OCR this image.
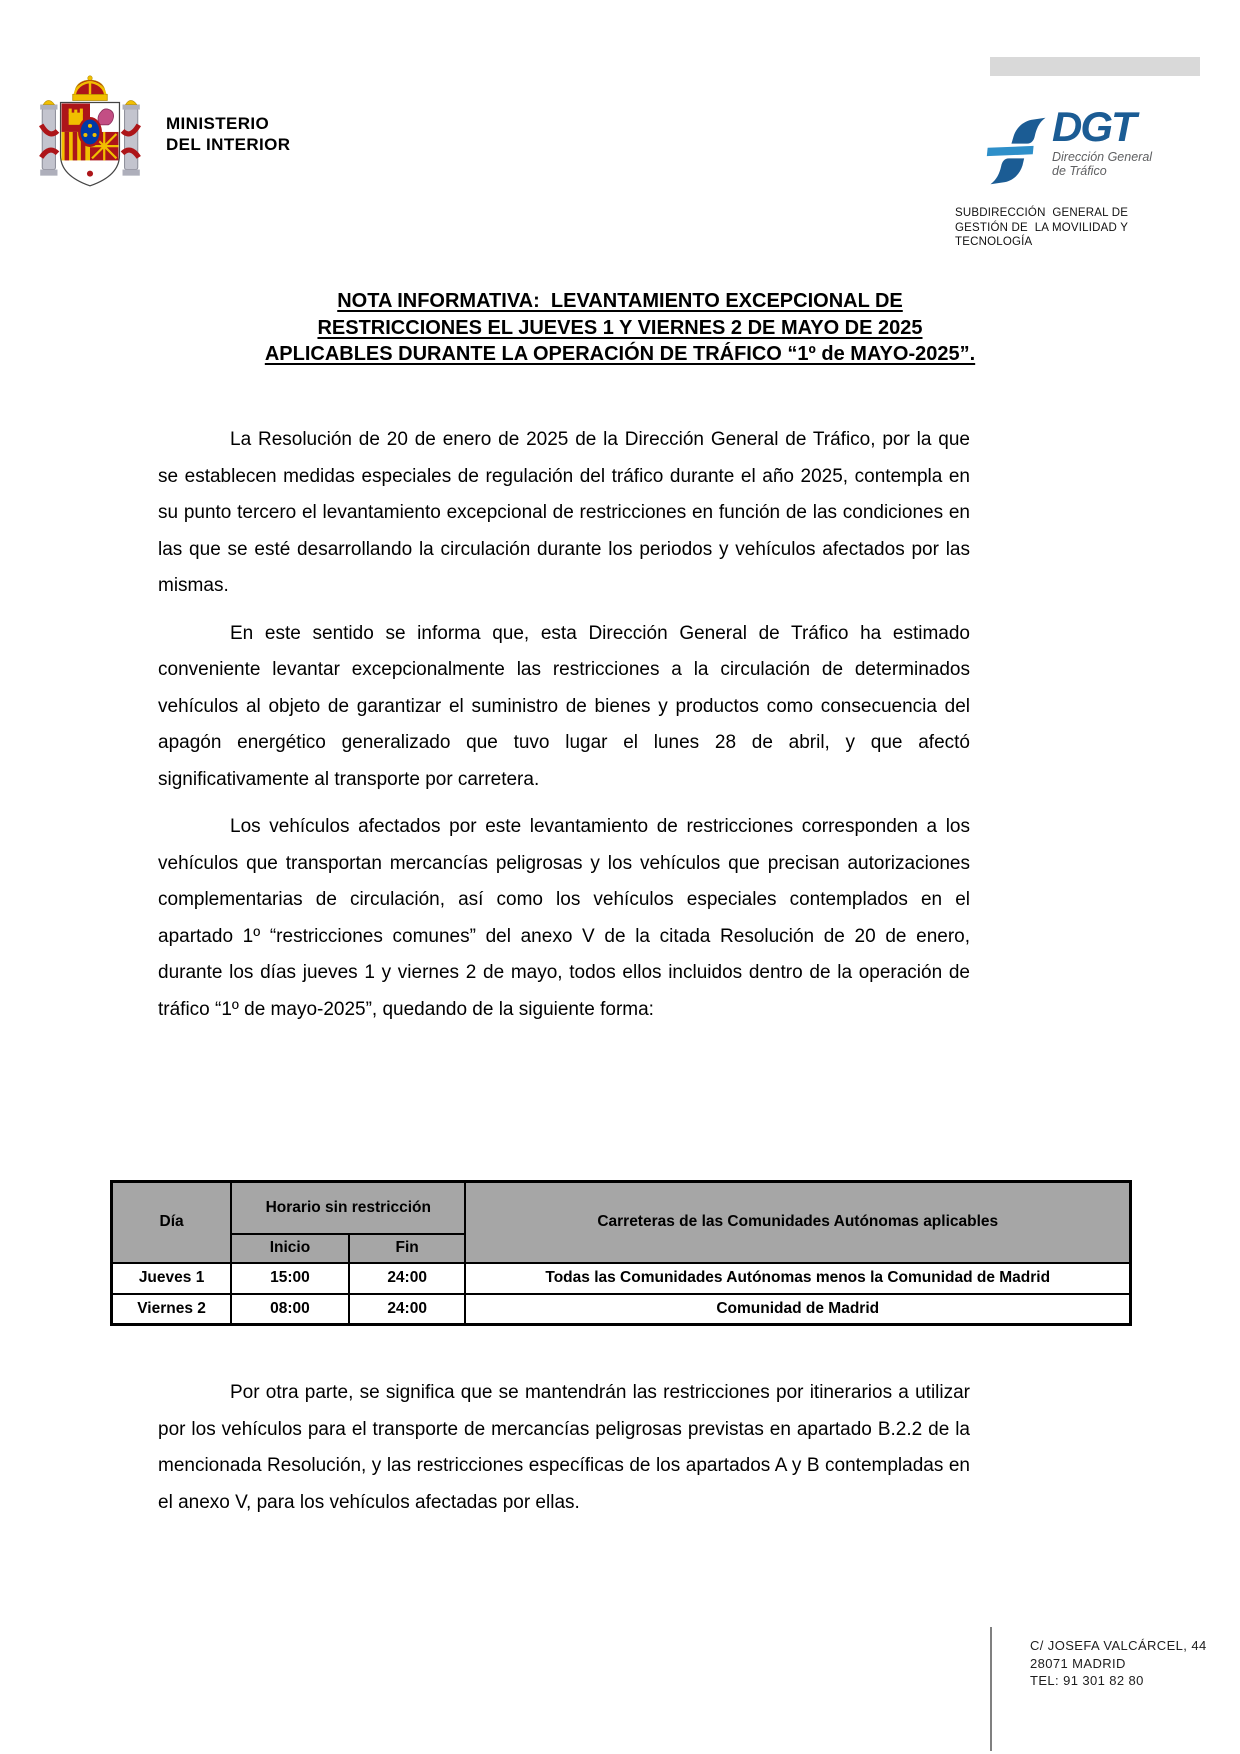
MINISTERIO
DEL INTERIOR	DGT
Dirección General
de Tráfico
SUBDIRECCIÓN  GENERAL DE
GESTIÓN DE  LA MOVILIDAD Y
TECNOLOGÍA
NOTA INFORMATIVA:  LEVANTAMIENTO EXCEPCIONAL DE
RESTRICCIONES EL JUEVES 1 Y VIERNES 2 DE MAYO DE 2025
APLICABLES DURANTE LA OPERACIÓN DE TRÁFICO “1º de MAYO-2025”.

La Resolución de 20 de enero de 2025 de la Dirección General de Tráfico, por la que se establecen medidas especiales de regulación del tráfico durante el año 2025, contempla en su punto tercero el levantamiento excepcional de restricciones en función de las condiciones en las que se esté desarrollando la circulación durante los periodos y vehículos afectados por las mismas.

En este sentido se informa que, esta Dirección General de Tráfico ha estimado conveniente levantar excepcionalmente las restricciones a la circulación de determinados vehículos al objeto de garantizar el suministro de bienes y productos como consecuencia del apagón energético generalizado que tuvo lugar el lunes 28 de abril, y que afectó significativamente al transporte por carretera.

Los vehículos afectados por este levantamiento de restricciones corresponden a los vehículos que transportan mercancías peligrosas y los vehículos que precisan autorizaciones complementarias de circulación, así como los vehículos especiales contemplados en el apartado 1º “restricciones comunes” del anexo V de la citada Resolución de 20 de enero, durante los días jueves 1 y viernes 2 de mayo, todos ellos incluidos dentro de la operación de tráfico “1º de mayo-2025”, quedando de la siguiente forma:

Día	Horario sin restricción		Carreteras de las Comunidades Autónomas aplicables
	Inicio	Fin	
Jueves 1	15:00	24:00	Todas las Comunidades Autónomas menos la Comunidad de Madrid
Viernes 2	08:00	24:00	Comunidad de Madrid

Por otra parte, se significa que se mantendrán las restricciones por itinerarios a utilizar por los vehículos para el transporte de mercancías peligrosas previstas en apartado B.2.2 de la mencionada Resolución, y las restricciones específicas de los apartados A y B contempladas en el anexo V, para los vehículos afectadas por ellas.

C/ JOSEFA VALCÁRCEL, 44
28071 MADRID
TEL: 91 301 82 80
